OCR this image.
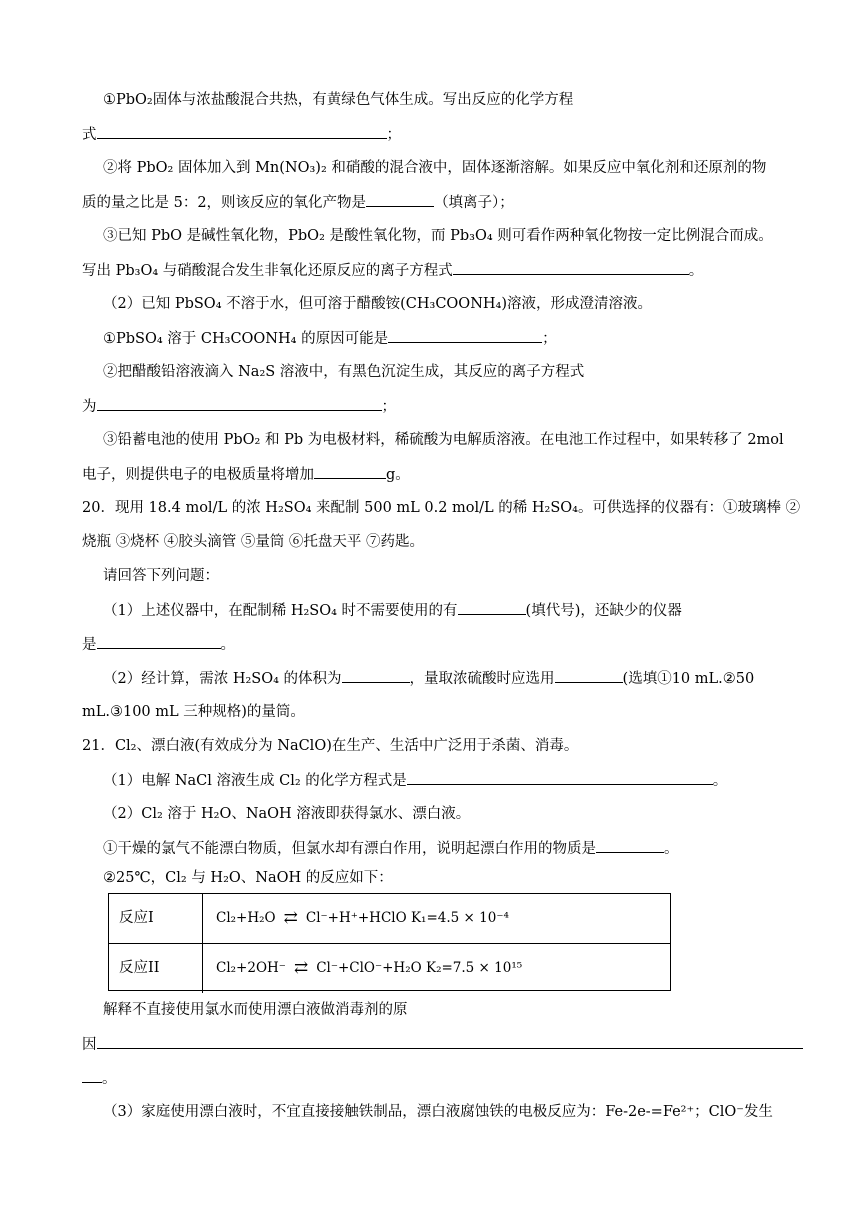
①PbO₂固体与浓盐酸混合共热，有黄绿色气体生成。写出反应的化学方程
式	；
②将 PbO₂ 固体加入到 Mn(NO₃)₂ 和硝酸的混合液中，固体逐渐溶解。如果反应中氧化剂和还原剂的物
质的量之比是 5：2，则该反应的氧化产物是	（填离子）；
③已知 PbO 是碱性氧化物，PbO₂ 是酸性氧化物，而 Pb₃O₄ 则可看作两种氧化物按一定比例混合而成。
写出 Pb₃O₄ 与硝酸混合发生非氧化还原反应的离子方程式	。
（2）已知 PbSO₄ 不溶于水，但可溶于醋酸铵(CH₃COONH₄)溶液，形成澄清溶液。
①PbSO₄ 溶于 CH₃COONH₄ 的原因可能是	；
②把醋酸铅溶液滴入 Na₂S 溶液中，有黑色沉淀生成，其反应的离子方程式
为	；
③铅蓄电池的使用 PbO₂ 和 Pb 为电极材料，稀硫酸为电解质溶液。在电池工作过程中，如果转移了 2mol
电子，则提供电子的电极质量将增加	g。
20．现用 18.4 mol/L 的浓 H₂SO₄ 来配制 500 mL 0.2 mol/L 的稀 H₂SO₄。可供选择的仪器有：①玻璃棒 ②
烧瓶 ③烧杯 ④胶头滴管 ⑤量筒 ⑥托盘天平 ⑦药匙。
请回答下列问题：
（1）上述仪器中，在配制稀 H₂SO₄ 时不需要使用的有	(填代号)，还缺少的仪器
是	。
（2）经计算，需浓 H₂SO₄ 的体积为	，量取浓硫酸时应选用	(选填①10 mL.②50
mL.③100 mL 三种规格)的量筒。
21．Cl₂、漂白液(有效成分为 NaClO)在生产、生活中广泛用于杀菌、消毒。
（1）电解 NaCl 溶液生成 Cl₂ 的化学方程式是	。
（2）Cl₂ 溶于 H₂O、NaOH 溶液即获得氯水、漂白液。
①干燥的氯气不能漂白物质，但氯水却有漂白作用，说明起漂白作用的物质是	。
②25℃，Cl₂ 与 H₂O、NaOH 的反应如下：
反应I	Cl₂+H₂O ⇄ Cl⁻+H⁺+HClO K₁=4.5 × 10⁻⁴
反应II	Cl₂+2OH⁻ ⇄ Cl⁻+ClO⁻+H₂O K₂=7.5 × 10¹⁵
解释不直接使用氯水而使用漂白液做消毒剂的原
因
。
（3）家庭使用漂白液时，不宜直接接触铁制品，漂白液腐蚀铁的电极反应为：Fe-2e-=Fe²⁺；ClO⁻发生
